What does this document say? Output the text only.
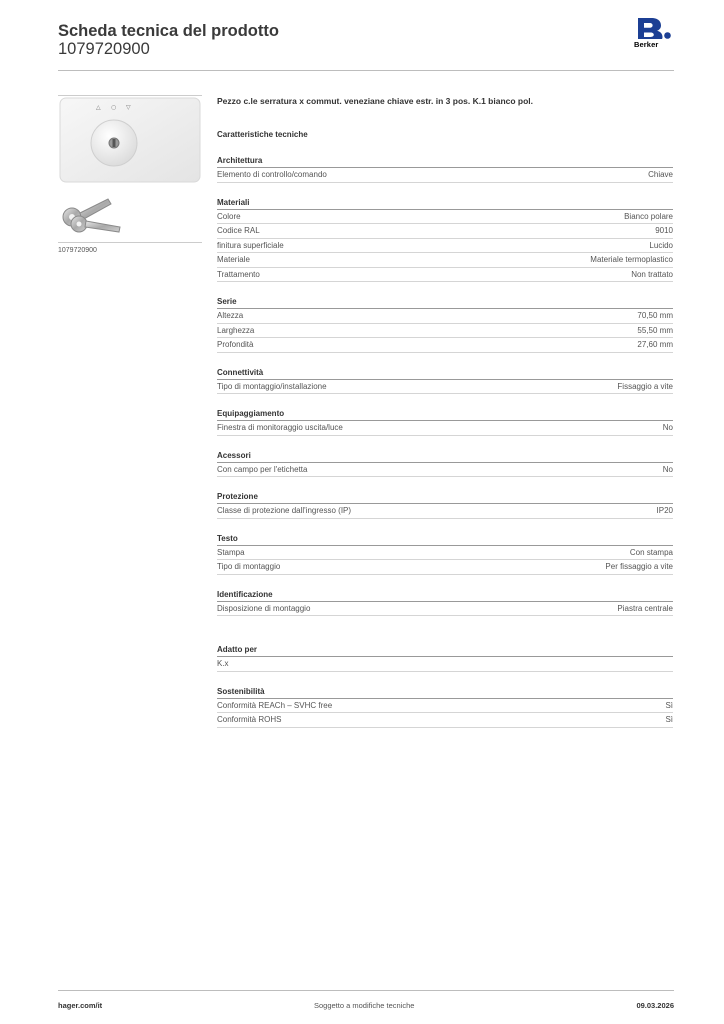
Scheda tecnica del prodotto
1079720900	Berker
△ ○ ▽
1079720900
Pezzo c.le serratura x commut. veneziane chiave estr. in 3 pos. K.1 bianco pol.
Caratteristiche tecniche
Architettura
Elemento di controllo/comando	Chiave
Materiali
Colore	Bianco polare
Codice RAL	9010
finitura superficiale	Lucido
Materiale	Materiale termoplastico
Trattamento	Non trattato
Serie
Altezza	70,50 mm
Larghezza	55,50 mm
Profondità	27,60 mm
Connettività
Tipo di montaggio/installazione	Fissaggio a vite
Equipaggiamento
Finestra di monitoraggio uscita/luce	No
Acessori
Con campo per l'etichetta	No
Protezione
Classe di protezione dall'ingresso (IP)	IP20
Testo
Stampa	Con stampa
Tipo di montaggio	Per fissaggio a vite
Identificazione
Disposizione di montaggio	Piastra centrale
Adatto per
K.x
Sostenibilità
Conformità REACh – SVHC free	Sì
Conformità ROHS	Sì
hager.com/it	Soggetto a modifiche tecniche	09.03.2026
